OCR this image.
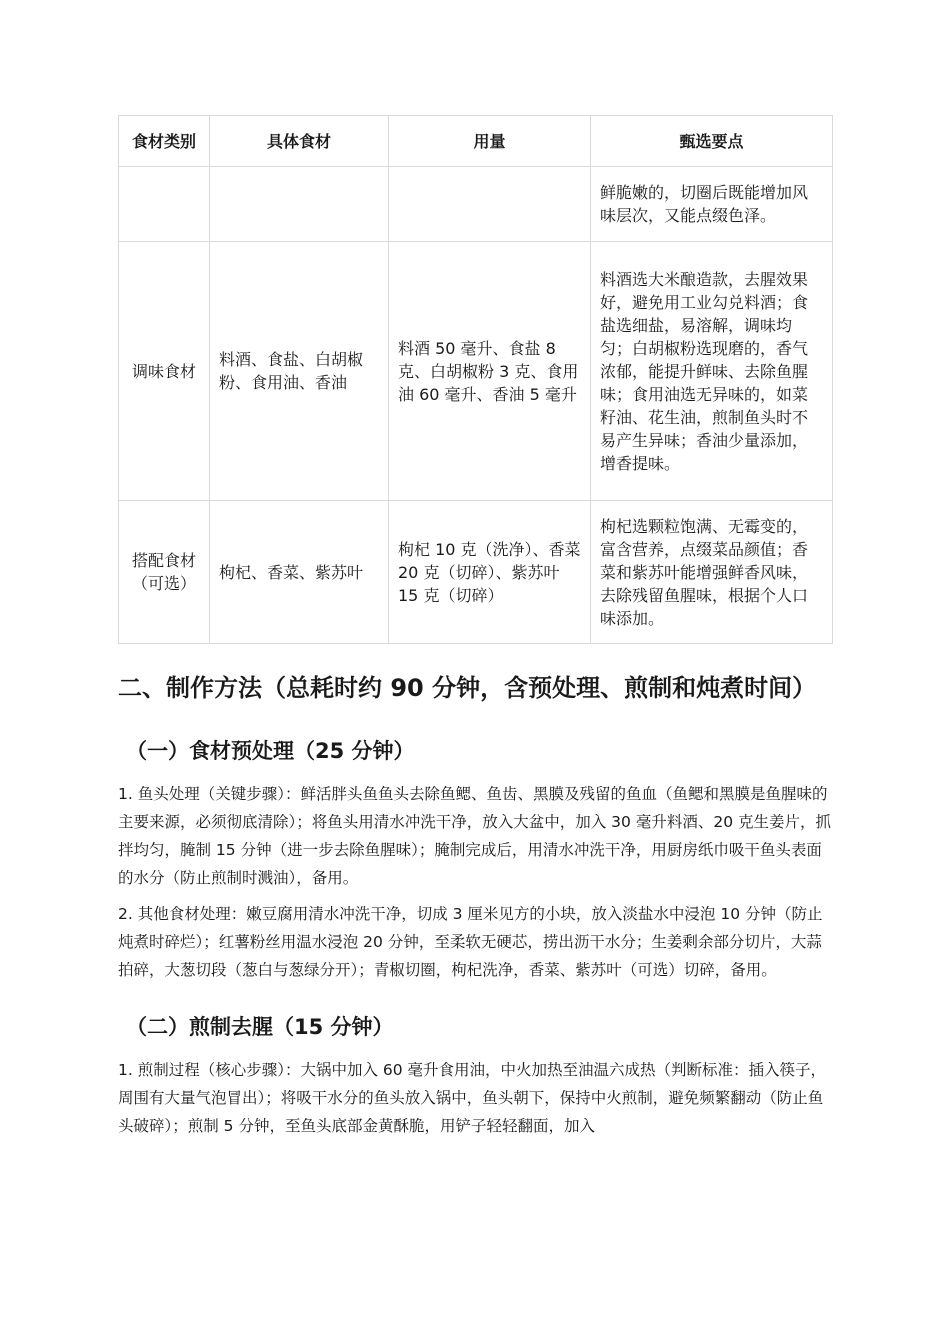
食材类别	具体食材	用量	甄选要点
			鲜脆嫩的，切圈后既能增加风味层次，又能点缀色泽。
调味食材	料酒、食盐、白胡椒粉、食用油、香油	料酒 50 毫升、食盐 8 克、白胡椒粉 3 克、食用油 60 毫升、香油 5 毫升	料酒选大米酿造款，去腥效果好，避免用工业勾兑料酒；食盐选细盐，易溶解，调味均匀；白胡椒粉选现磨的，香气浓郁，能提升鲜味、去除鱼腥味；食用油选无异味的，如菜籽油、花生油，煎制鱼头时不易产生异味；香油少量添加，增香提味。
搭配食材（可选）	枸杞、香菜、紫苏叶	枸杞 10 克（洗净）、香菜 20 克（切碎）、紫苏叶 15 克（切碎）	枸杞选颗粒饱满、无霉变的，富含营养，点缀菜品颜值；香菜和紫苏叶能增强鲜香风味，去除残留鱼腥味，根据个人口味添加。
二、制作方法（总耗时约 90 分钟，含预处理、煎制和炖煮时间）
（一）食材预处理（25 分钟）

1. 鱼头处理（关键步骤）：鲜活胖头鱼鱼头去除鱼鳃、鱼齿、黑膜及残留的鱼血（鱼鳃和黑膜是鱼腥味的主要来源，必须彻底清除）；将鱼头用清水冲洗干净，放入大盆中，加入 30 毫升料酒、20 克生姜片，抓拌均匀，腌制 15 分钟（进一步去除鱼腥味）；腌制完成后，用清水冲洗干净，用厨房纸巾吸干鱼头表面的水分（防止煎制时溅油），备用。

2. 其他食材处理：嫩豆腐用清水冲洗干净，切成 3 厘米见方的小块，放入淡盐水中浸泡 10 分钟（防止炖煮时碎烂）；红薯粉丝用温水浸泡 20 分钟，至柔软无硬芯，捞出沥干水分；生姜剩余部分切片，大蒜拍碎，大葱切段（葱白与葱绿分开）；青椒切圈，枸杞洗净，香菜、紫苏叶（可选）切碎，备用。

（二）煎制去腥（15 分钟）

1. 煎制过程（核心步骤）：大锅中加入 60 毫升食用油，中火加热至油温六成热（判断标准：插入筷子，周围有大量气泡冒出）；将吸干水分的鱼头放入锅中，鱼头朝下，保持中火煎制，避免频繁翻动（防止鱼头破碎）；煎制 5 分钟，至鱼头底部金黄酥脆，用铲子轻轻翻面，加入
